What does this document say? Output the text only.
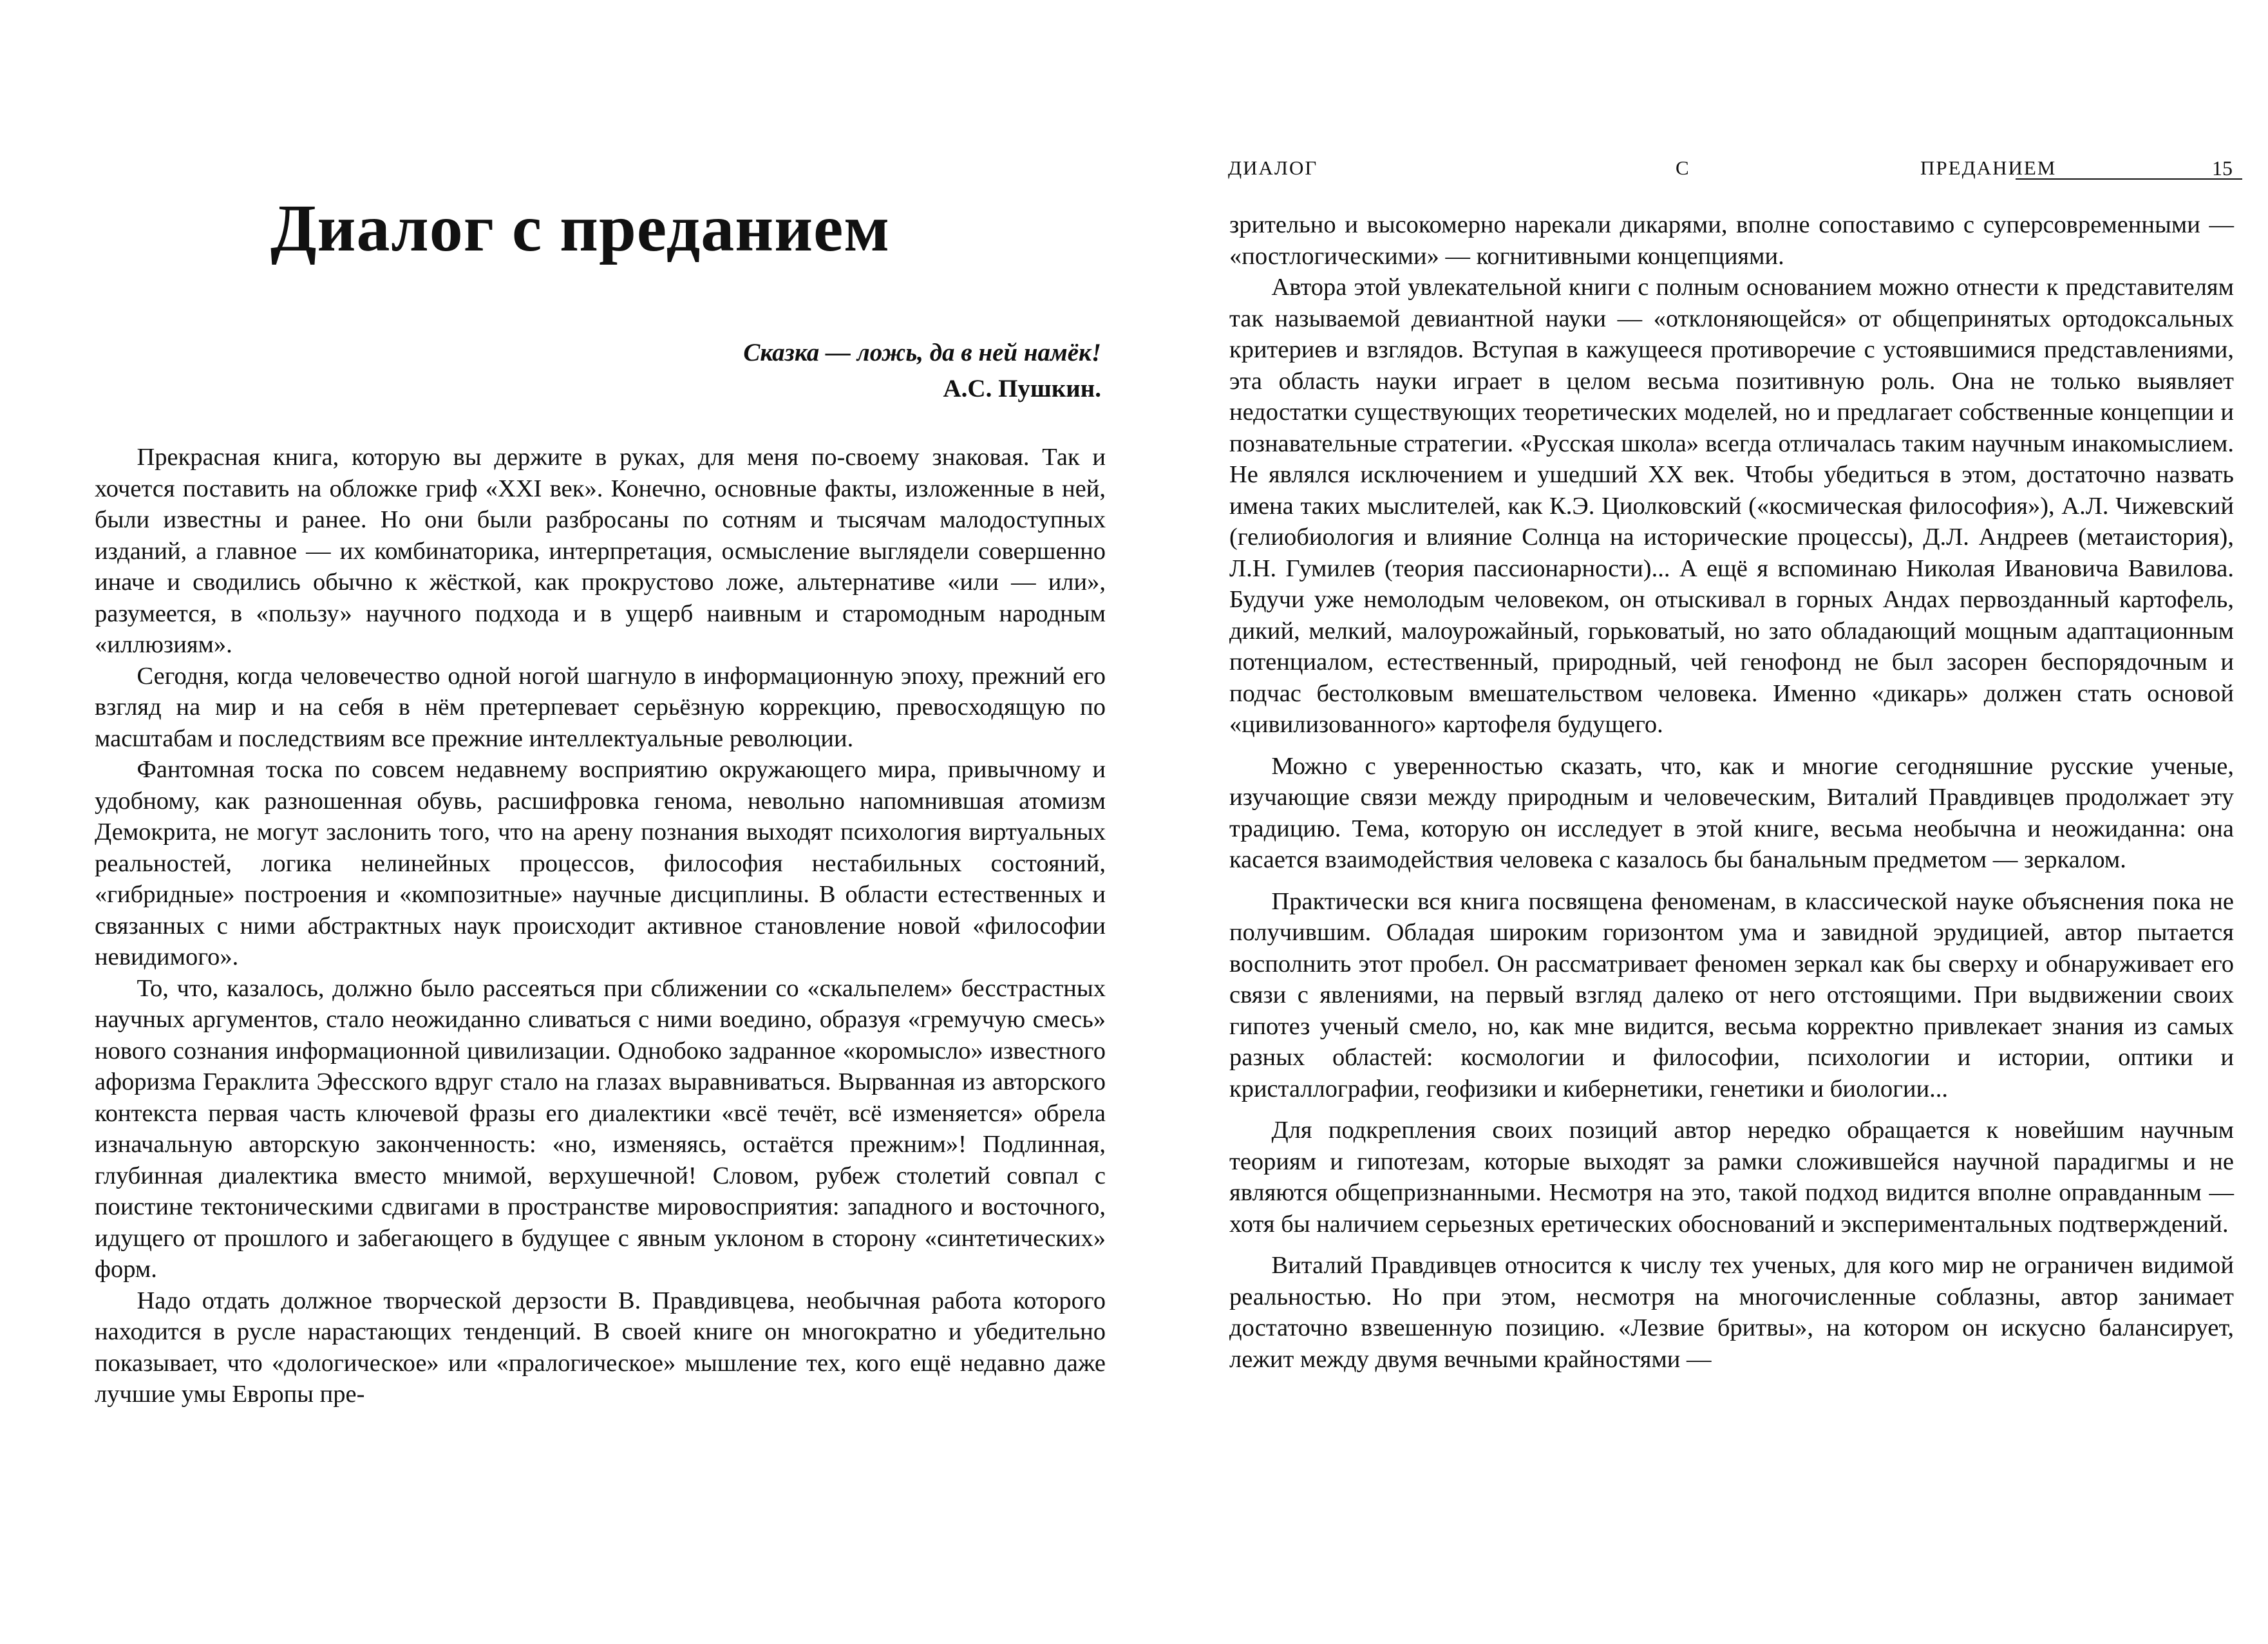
Диалог с преданием
Сказка — ложь, да в ней намёк!
А.С. Пушкин.

Прекрасная книга, которую вы держите в руках, для меня по-своему знаковая. Так и хочется поставить на обложке гриф «XXI век». Конечно, основные факты, изложенные в ней, были известны и ранее. Но они были разбросаны по сотням и тысячам малодоступных изданий, а главное — их комбинаторика, интерпретация, осмысление выглядели совершенно иначе и сводились обычно к жёсткой, как прокрустово ложе, альтернативе «или — или», разумеется, в «пользу» научного подхода и в ущерб наивным и старомодным народным «иллюзиям».

Сегодня, когда человечество одной ногой шагнуло в информационную эпоху, прежний его взгляд на мир и на себя в нём претерпевает серьёзную коррекцию, превосходящую по масштабам и последствиям все прежние интеллектуальные революции.

Фантомная тоска по совсем недавнему восприятию окружающего мира, привычному и удобному, как разношенная обувь, расшифровка генома, невольно напомнившая атомизм Демокрита, не могут заслонить того, что на арену познания выходят психология виртуальных реальностей, логика нелинейных процессов, философия нестабильных состояний, «гибридные» построения и «композитные» научные дисциплины. В области естественных и связанных с ними абстрактных наук происходит активное становление новой «философии невидимого».

То, что, казалось, должно было рассеяться при сближении со «скальпелем» бесстрастных научных аргументов, стало неожиданно сливаться с ними воедино, образуя «гремучую смесь» нового сознания информационной цивилизации. Однобоко задранное «коромысло» известного афоризма Гераклита Эфесского вдруг стало на глазах выравниваться. Вырванная из авторского контекста первая часть ключевой фразы его диалектики «всё течёт, всё изменяется» обрела изначальную авторскую законченность: «но, изменяясь, остаётся прежним»! Подлинная, глубинная диалектика вместо мнимой, верхушечной! Словом, рубеж столетий совпал с поистине тектоническими сдвигами в пространстве мировосприятия: западного и восточного, идущего от прошлого и забегающего в будущее с явным уклоном в сторону «синтетических» форм.

Надо отдать должное творческой дерзости В. Правдивцева, необычная работа которого находится в русле нарастающих тенденций. В своей книге он многократно и убедительно показывает, что «дологическое» или «пралогическое» мышление тех, кого ещё недавно даже лучшие умы Европы пре-

ДИАЛОГ	С	ПРЕДАНИЕМ	15

зрительно и высокомерно нарекали дикарями, вполне сопоставимо с суперсовременными — «постлогическими» — когнитивными концепциями.

Автора этой увлекательной книги с полным основанием можно отнести к представителям так называемой девиантной науки — «отклоняющейся» от общепринятых ортодоксальных критериев и взглядов. Вступая в кажущееся противоречие с устоявшимися представлениями, эта область науки играет в целом весьма позитивную роль. Она не только выявляет недостатки существующих теоретических моделей, но и предлагает собственные концепции и познавательные стратегии. «Русская школа» всегда отличалась таким научным инакомыслием. Не являлся исключением и ушедший XX век. Чтобы убедиться в этом, достаточно назвать имена таких мыслителей, как К.Э. Циолковский («космическая философия»), А.Л. Чижевский (гелиобиология и влияние Солнца на исторические процессы), Д.Л. Андреев (метаистория), Л.Н. Гумилев (теория пассионарности)... А ещё я вспоминаю Николая Ивановича Вавилова. Будучи уже немолодым человеком, он отыскивал в горных Андах первозданный картофель, дикий, мелкий, малоурожайный, горьковатый, но зато обладающий мощным адаптационным потенциалом, естественный, природный, чей генофонд не был засорен беспорядочным и подчас бестолковым вмешательством человека. Именно «дикарь» должен стать основой «цивилизованного» картофеля будущего.

Можно с уверенностью сказать, что, как и многие сегодняшние русские ученые, изучающие связи между природным и человеческим, Виталий Правдивцев продолжает эту традицию. Тема, которую он исследует в этой книге, весьма необычна и неожиданна: она касается взаимодействия человека с казалось бы банальным предметом — зеркалом.

Практически вся книга посвящена феноменам, в классической науке объяснения пока не получившим. Обладая широким горизонтом ума и завидной эрудицией, автор пытается восполнить этот пробел. Он рассматривает феномен зеркал как бы сверху и обнаруживает его связи с явлениями, на первый взгляд далеко от него отстоящими. При выдвижении своих гипотез ученый смело, но, как мне видится, весьма корректно привлекает знания из самых разных областей: космологии и философии, психологии и истории, оптики и кристаллографии, геофизики и кибернетики, генетики и биологии...

Для подкрепления своих позиций автор нередко обращается к новейшим научным теориям и гипотезам, которые выходят за рамки сложившейся научной парадигмы и не являются общепризнанными. Несмотря на это, такой подход видится вполне оправданным — хотя бы наличием серьезных еретических обоснований и экспериментальных подтверждений.

Виталий Правдивцев относится к числу тех ученых, для кого мир не ограничен видимой реальностью. Но при этом, несмотря на многочисленные соблазны, автор занимает достаточно взвешенную позицию. «Лезвие бритвы», на котором он искусно балансирует, лежит между двумя вечными крайностями —
